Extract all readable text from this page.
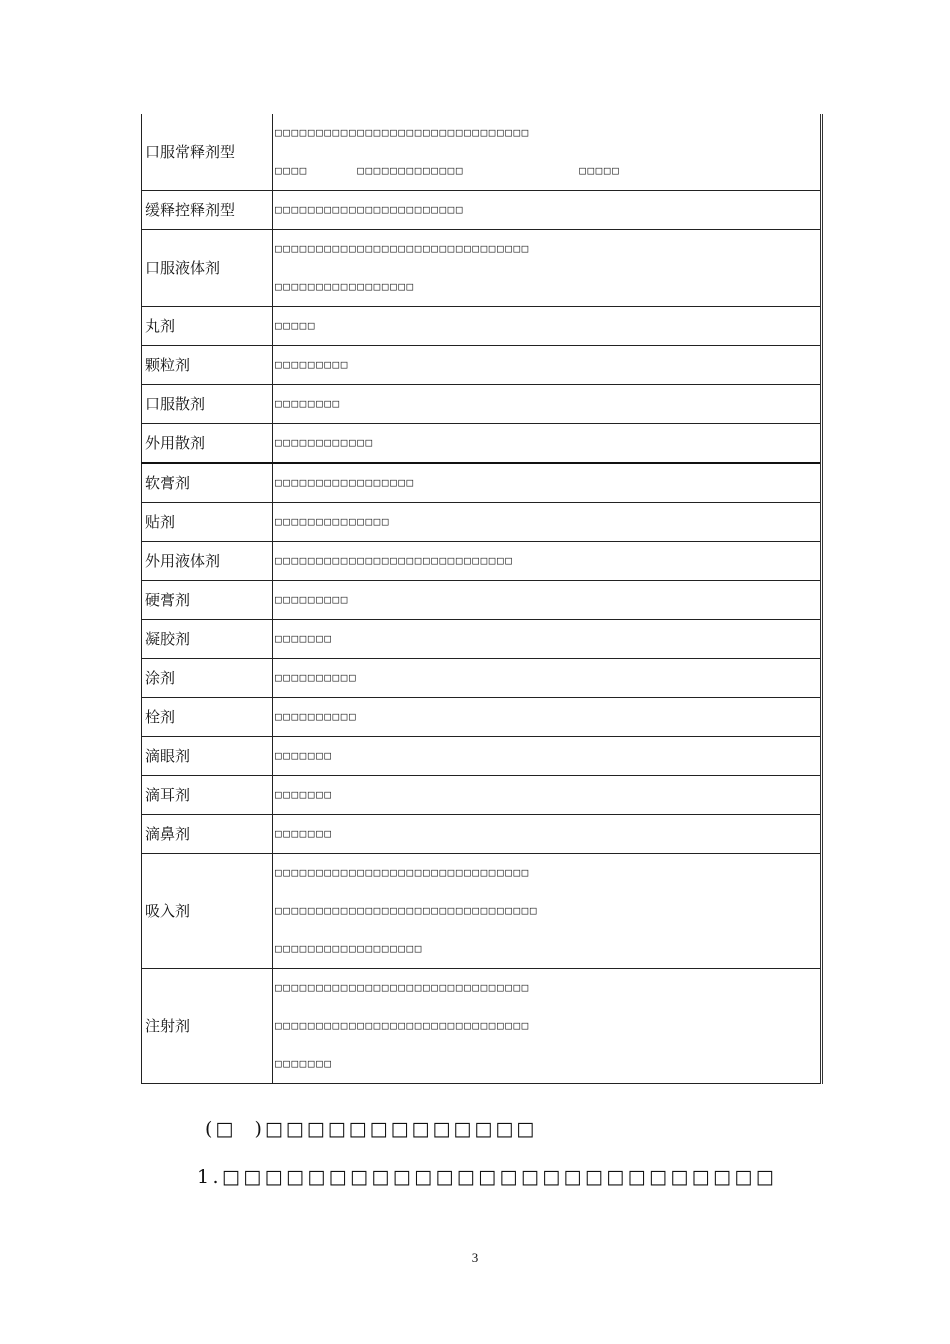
口服常释剂型	□□□□□□□□□□□□□□□□□□□□□□□□□□□□□□□
□□□□      □□□□□□□□□□□□□              □□□□□

缓释控释剂型	□□□□□□□□□□□□□□□□□□□□□□□

口服液体剂	□□□□□□□□□□□□□□□□□□□□□□□□□□□□□□□
□□□□□□□□□□□□□□□□□

丸剂	□□□□□

颗粒剂	□□□□□□□□□

口服散剂	□□□□□□□□

外用散剂	□□□□□□□□□□□□

软膏剂	□□□□□□□□□□□□□□□□□

贴剂	□□□□□□□□□□□□□□

外用液体剂	□□□□□□□□□□□□□□□□□□□□□□□□□□□□□

硬膏剂	□□□□□□□□□

凝胶剂	□□□□□□□

涂剂	□□□□□□□□□□

栓剂	□□□□□□□□□□

滴眼剂	□□□□□□□

滴耳剂	□□□□□□□

滴鼻剂	□□□□□□□

吸入剂	□□□□□□□□□□□□□□□□□□□□□□□□□□□□□□□
□□□□□□□□□□□□□□□□□□□□□□□□□□□□□□□□
□□□□□□□□□□□□□□□□□□

注射剂	□□□□□□□□□□□□□□□□□□□□□□□□□□□□□□□
□□□□□□□□□□□□□□□□□□□□□□□□□□□□□□□
□□□□□□□
(□  )□□□□□□□□□□□□□
1.□□□□□□□□□□□□□□□□□□□□□□□□□□
3
